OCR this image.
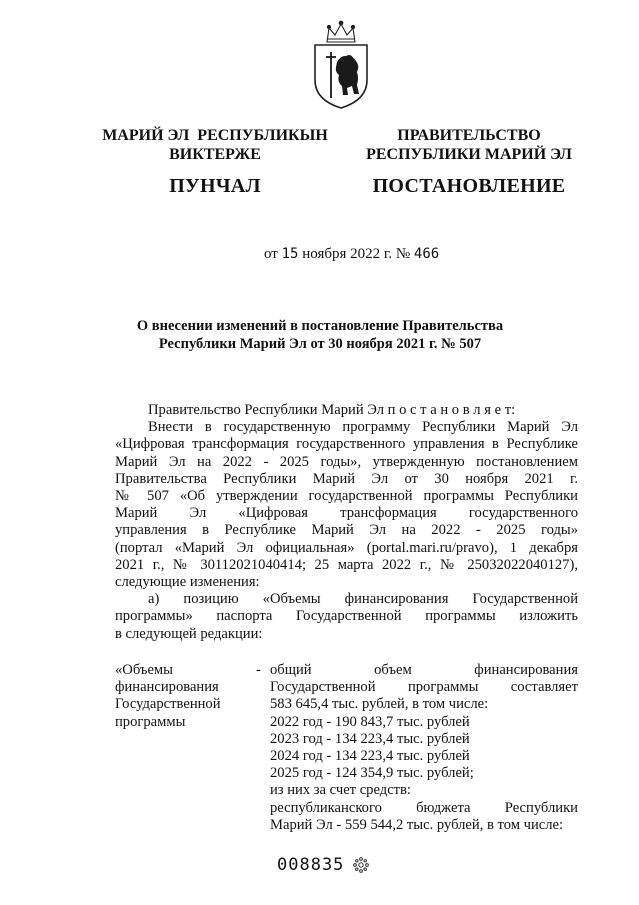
МАРИЙ ЭЛ  РЕСПУБЛИКЫН
ВИКТЕРЖЕ
ПУНЧАЛ
ПРАВИТЕЛЬСТВО
РЕСПУБЛИКИ МАРИЙ ЭЛ
ПОСТАНОВЛЕНИЕ
от 15 ноября 2022 г. № 466
О внесении изменений в постановление Правительства
Республики Марий Эл от 30 ноября 2021 г. № 507
Правительство Республики Марий Эл п о с т а н о в л я е т:
Внести в государственную программу Республики Марий Эл
«Цифровая трансформация государственного управления в Республике
Марий Эл на 2022 - 2025 годы», утвержденную постановлением
Правительства Республики Марий Эл от 30 ноября 2021 г.
№ 507 «Об утверждении государственной программы Республики
Марий Эл «Цифровая трансформация государственного
управления в Республике Марий Эл на 2022 - 2025 годы»
(портал «Марий Эл официальная» (portal.mari.ru/pravo), 1 декабря
2021 г., № 30112021040414; 25 марта 2022 г., № 25032022040127),
следующие изменения:
а) позицию «Объемы финансирования Государственной
программы» паспорта Государственной программы изложить
в следующей редакции:
«Объемы
финансирования
Государственной
программы
- общий объем финансирования
Государственной программы составляет
583 645,4 тыс. рублей, в том числе:
2022 год - 190 843,7 тыс. рублей
2023 год - 134 223,4 тыс. рублей
2024 год - 134 223,4 тыс. рублей
2025 год - 124 354,9 тыс. рублей;
из них за счет средств:
республиканского бюджета Республики
Марий Эл - 559 544,2 тыс. рублей, в том числе:
008835
